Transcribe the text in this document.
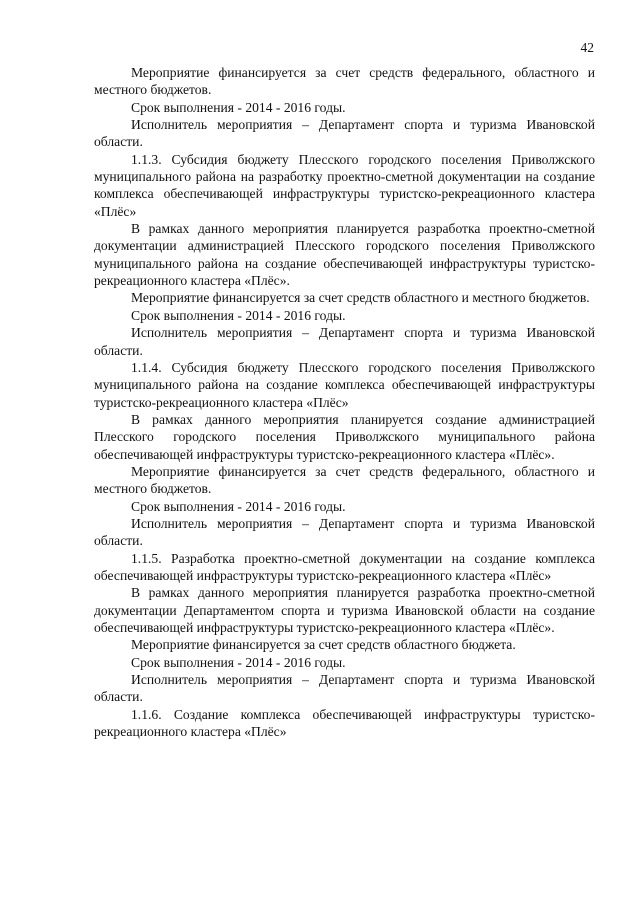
42

Мероприятие финансируется за счет средств федерального, областного и местного бюджетов.

Срок выполнения - 2014 - 2016 годы.

Исполнитель мероприятия – Департамент спорта и туризма Ивановской области.

1.1.3. Субсидия бюджету Плесского городского поселения Приволжского муниципального района на разработку проектно-сметной документации на создание комплекса обеспечивающей инфраструктуры туристско-рекреационного кластера «Плёс»

В рамках данного мероприятия планируется разработка проектно-сметной документации администрацией Плесского городского поселения Приволжского муниципального района на создание обеспечивающей инфраструктуры туристско-рекреационного кластера «Плёс».

Мероприятие финансируется за счет средств областного и местного бюджетов.

Срок выполнения - 2014 - 2016 годы.

Исполнитель мероприятия – Департамент спорта и туризма Ивановской области.

1.1.4. Субсидия бюджету Плесского городского поселения Приволжского муниципального района на создание комплекса обеспечивающей инфраструктуры туристско-рекреационного кластера «Плёс»

В рамках данного мероприятия планируется создание администрацией Плесского городского поселения Приволжского муниципального района обеспечивающей инфраструктуры туристско-рекреационного кластера «Плёс».

Мероприятие финансируется за счет средств федерального, областного и местного бюджетов.

Срок выполнения - 2014 - 2016 годы.

Исполнитель мероприятия – Департамент спорта и туризма Ивановской области.

1.1.5. Разработка проектно-сметной документации на создание комплекса обеспечивающей инфраструктуры туристско-рекреационного кластера «Плёс»

В рамках данного мероприятия планируется разработка проектно-сметной документации Департаментом спорта и туризма Ивановской области на создание обеспечивающей инфраструктуры туристско-рекреационного кластера «Плёс».

Мероприятие финансируется за счет средств областного бюджета.

Срок выполнения - 2014 - 2016 годы.

Исполнитель мероприятия – Департамент спорта и туризма Ивановской области.

1.1.6. Создание комплекса обеспечивающей инфраструктуры туристско-рекреационного кластера «Плёс»
